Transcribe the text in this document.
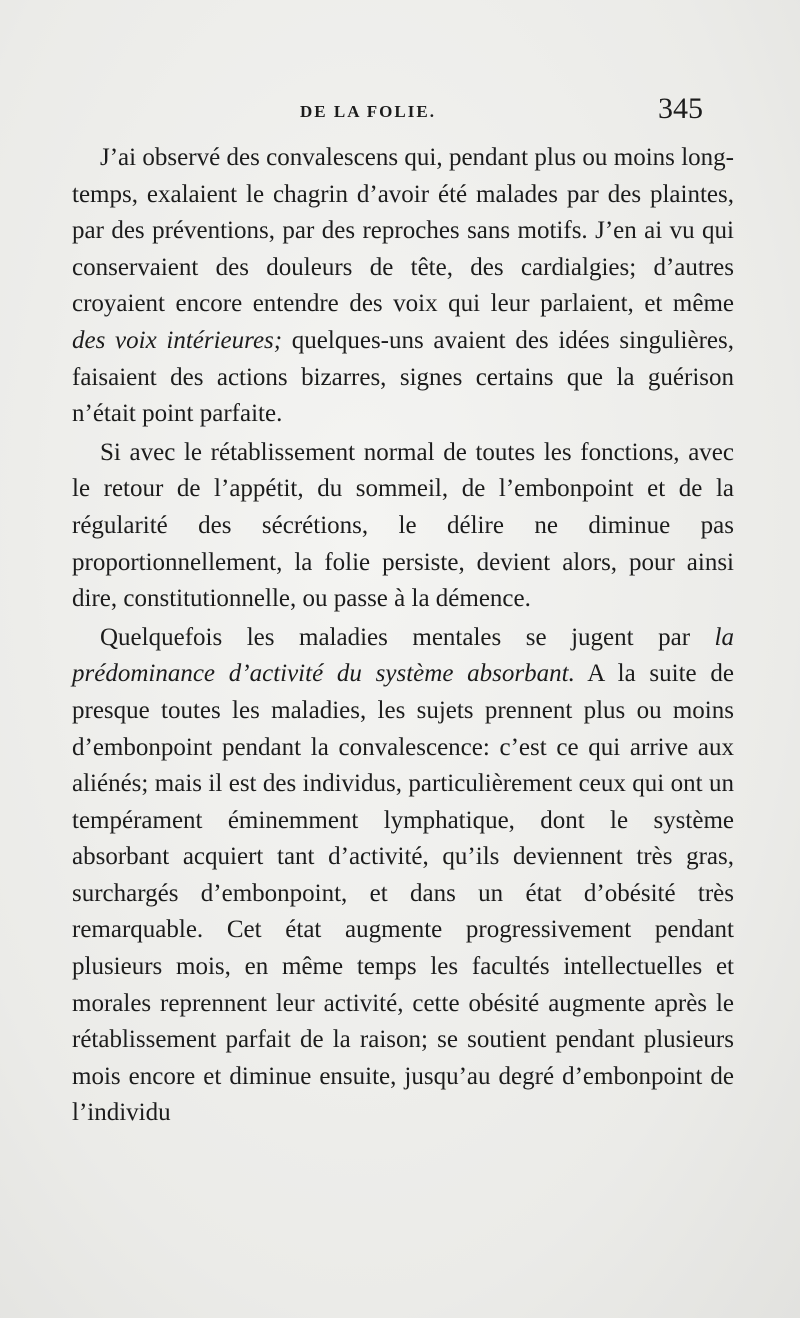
DE LA FOLIE.	345

J’ai observé des convalescens qui, pendant plus ou moins long-temps, exalaient le chagrin d’avoir été malades par des plaintes, par des préventions, par des reproches sans motifs. J’en ai vu qui conservaient des douleurs de tête, des cardialgies; d’autres croyaient encore entendre des voix qui leur parlaient, et même des voix intérieures; quelques-uns avaient des idées singulières, faisaient des actions bizarres, signes certains que la guérison n’était point parfaite.

Si avec le rétablissement normal de toutes les fonctions, avec le retour de l’appétit, du sommeil, de l’embonpoint et de la régularité des sécrétions, le délire ne diminue pas proportionnellement, la folie persiste, devient alors, pour ainsi dire, constitutionnelle, ou passe à la démence.

Quelquefois les maladies mentales se jugent par la prédominance d’activité du système absorbant. A la suite de presque toutes les maladies, les sujets prennent plus ou moins d’embonpoint pendant la convalescence: c’est ce qui arrive aux aliénés; mais il est des individus, particulièrement ceux qui ont un tempérament éminemment lymphatique, dont le système absorbant acquiert tant d’activité, qu’ils deviennent très gras, surchargés d’embonpoint, et dans un état d’obésité très remarquable. Cet état augmente progressivement pendant plusieurs mois, en même temps les facultés intellectuelles et morales reprennent leur activité, cette obésité augmente après le rétablissement parfait de la raison; se soutient pendant plusieurs mois encore et diminue ensuite, jusqu’au degré d’embonpoint de l’individu
